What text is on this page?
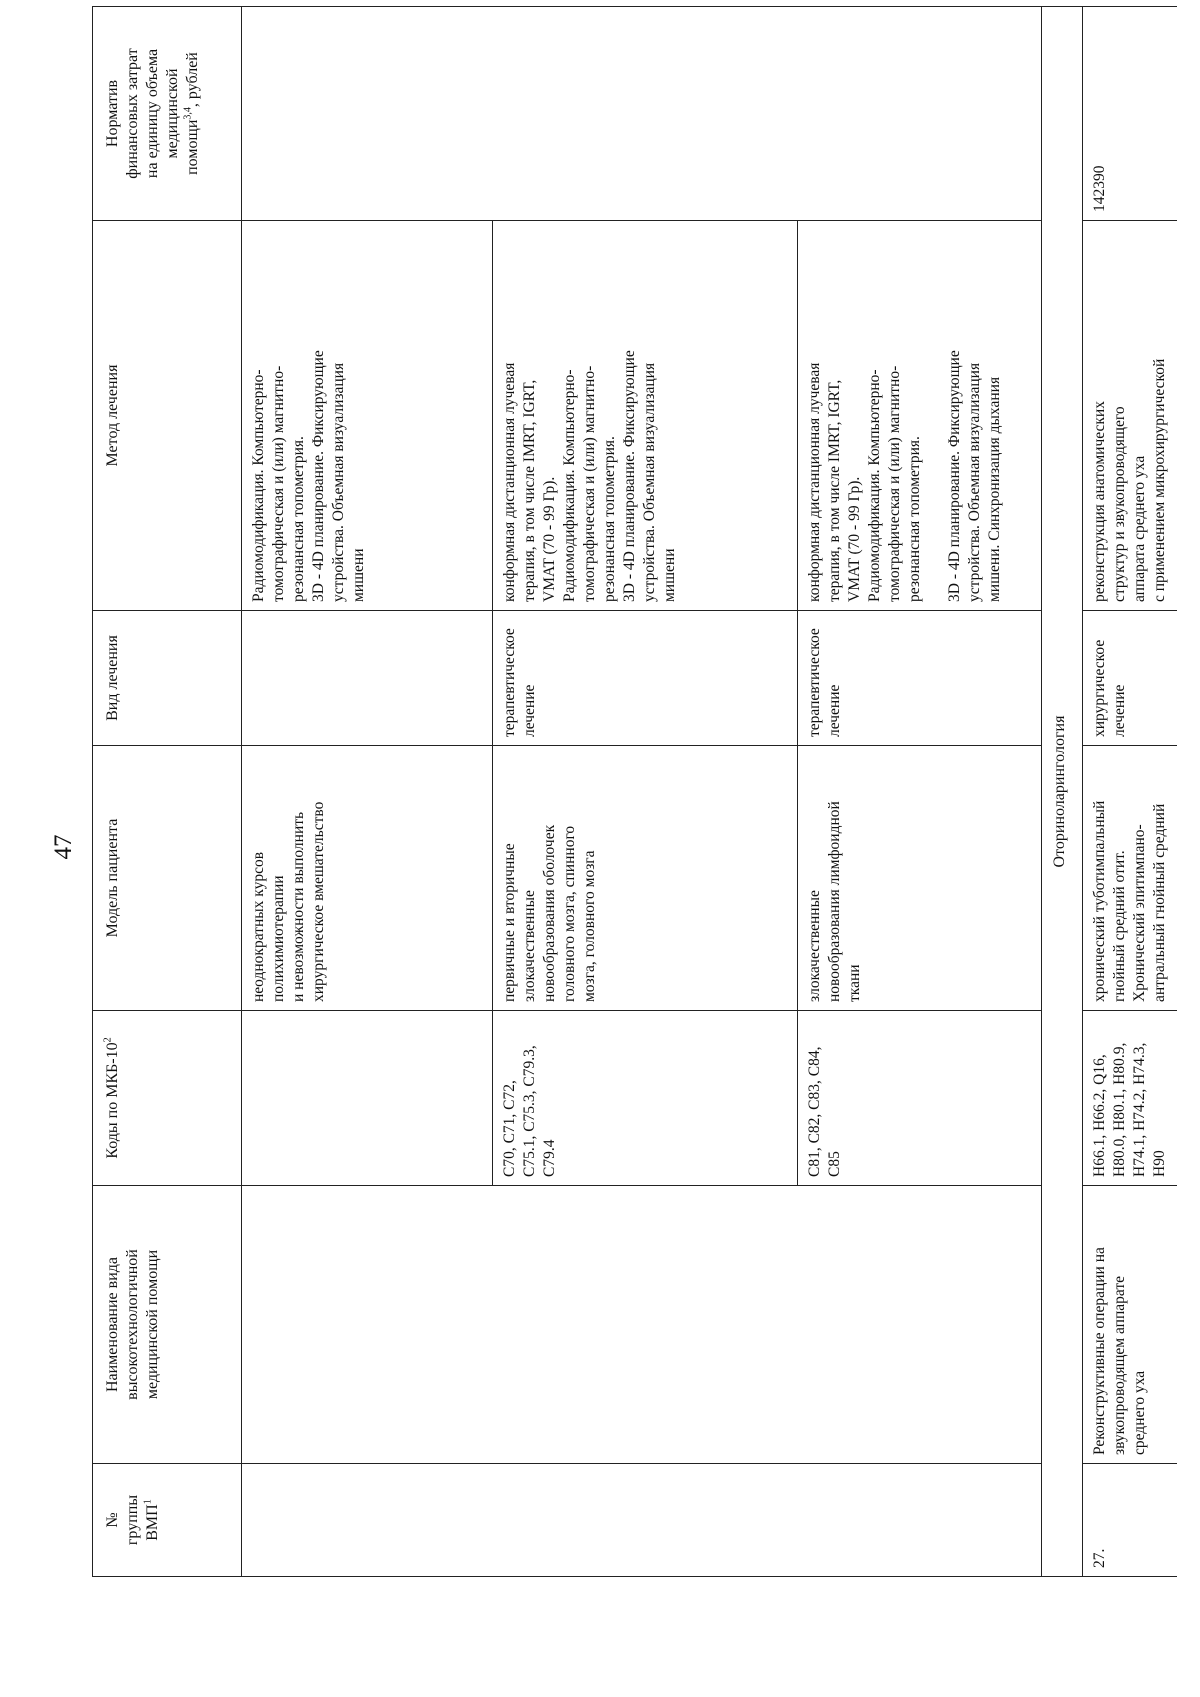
47
№
группы
ВМП$^1$
Наименование вида
высокотехнологичной
медицинской помощи
Коды по МКБ-$10^2$
Модель пациента
Вид лечения
Метод лечения
Норматив
финансовых затрат
на единицу объема
медицинской
помощи$^{3,4}$, рублей
неоднократных курсов
полихимиотерапии
и невозможности выполнить
хирургическое вмешательство
Радиомодификация. Компьютерно-
томографическая и (или) магнитно-
резонансная топометрия.
3D - 4D планирование. Фиксирующие
устройства. Объемная визуализация
мишени
C70, C71, C72,
C75.1, C75.3, C79.3,
C79.4
первичные и вторичные
злокачественные
новообразования оболочек
головного мозга, спинного
мозга, головного мозга
терапевтическое
лечение
конформная дистанционная лучевая
терапия, в том числе IMRT, IGRT,
VMAT (70 - 99 Гр).
Радиомодификация. Компьютерно-
томографическая и (или) магнитно-
резонансная топометрия.
3D - 4D планирование. Фиксирующие
устройства. Объемная визуализация
мишени
C81, C82, C83, C84,
C85
злокачественные
новообразования лимфоидной
ткани
терапевтическое
лечение
конформная дистанционная лучевая
терапия, в том числе IMRT, IGRT,
VMAT (70 - 99 Гр).
Радиомодификация. Компьютерно-
томографическая и (или) магнитно-
резонансная топометрия.

3D - 4D планирование. Фиксирующие
устройства. Объемная визуализация
мишени. Синхронизация дыхания
Оториноларингология
27.
Реконструктивные операции на
звукопроводящем аппарате
среднего уха
H66.1, H66.2, Q16,
H80.0, H80.1, H80.9,
H74.1, H74.2, H74.3,
H90
хронический туботимпальный
гнойный средний отит.
Хронический эпитимпано-
антральный гнойный средний
хирургическое
лечение
реконструкция анатомических
структур и звукопроводящего
аппарата среднего уха
с применением микрохирургической
142390
